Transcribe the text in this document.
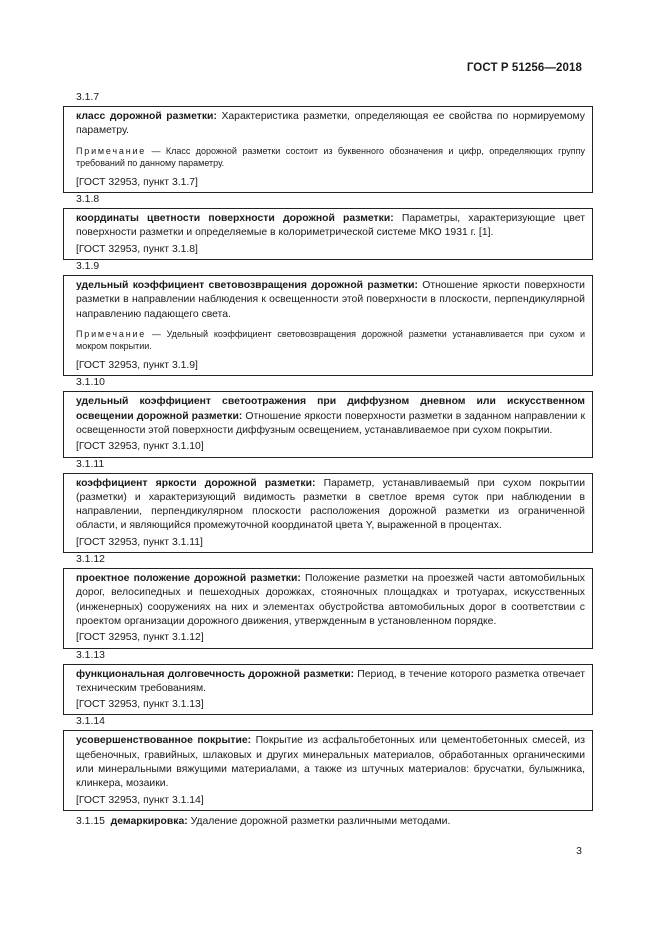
ГОСТ Р 51256—2018
3.1.7

класс дорожной разметки: Характеристика разметки, определяющая ее свойства по нормируемому параметру.

Примечание — Класс дорожной разметки состоит из буквенного обозначения и цифр, определяющих группу требований по данному параметру.

[ГОСТ 32953, пункт 3.1.7]

3.1.8

координаты цветности поверхности дорожной разметки: Параметры, характеризующие цвет поверхности разметки и определяемые в колориметрической системе МКО 1931 г. [1].

[ГОСТ 32953, пункт 3.1.8]

3.1.9

удельный коэффициент световозвращения дорожной разметки: Отношение яркости поверхности разметки в направлении наблюдения к освещенности этой поверхности в плоскости, перпендикулярной направлению падающего света.

Примечание — Удельный коэффициент световозвращения дорожной разметки устанавливается при сухом и мокром покрытии.

[ГОСТ 32953, пункт 3.1.9]

3.1.10

удельный коэффициент светоотражения при диффузном дневном или искусственном освещении дорожной разметки: Отношение яркости поверхности разметки в заданном направлении к освещенности этой поверхности диффузным освещением, устанавливаемое при сухом покрытии.

[ГОСТ 32953, пункт 3.1.10]

3.1.11

коэффициент яркости дорожной разметки: Параметр, устанавливаемый при сухом покрытии (разметки) и характеризующий видимость разметки в светлое время суток при наблюдении в направлении, перпендикулярном плоскости расположения дорожной разметки из ограниченной области, и являющийся промежуточной координатой цвета Y, выраженной в процентах.

[ГОСТ 32953, пункт 3.1.11]

3.1.12

проектное положение дорожной разметки: Положение разметки на проезжей части автомобильных дорог, велосипедных и пешеходных дорожках, стояночных площадках и тротуарах, искусственных (инженерных) сооружениях на них и элементах обустройства автомобильных дорог в соответствии с проектом организации дорожного движения, утвержденным в установленном порядке.

[ГОСТ 32953, пункт 3.1.12]

3.1.13

функциональная долговечность дорожной разметки: Период, в течение которого разметка отвечает техническим требованиям.

[ГОСТ 32953, пункт 3.1.13]

3.1.14

усовершенствованное покрытие: Покрытие из асфальтобетонных или цементобетонных смесей, из щебеночных, гравийных, шлаковых и других минеральных материалов, обработанных органическими или минеральными вяжущими материалами, а также из штучных материалов: брусчатки, булыжника, клинкера, мозаики.

[ГОСТ 32953, пункт 3.1.14]

3.1.15 демаркировка: Удаление дорожной разметки различными методами.
3
